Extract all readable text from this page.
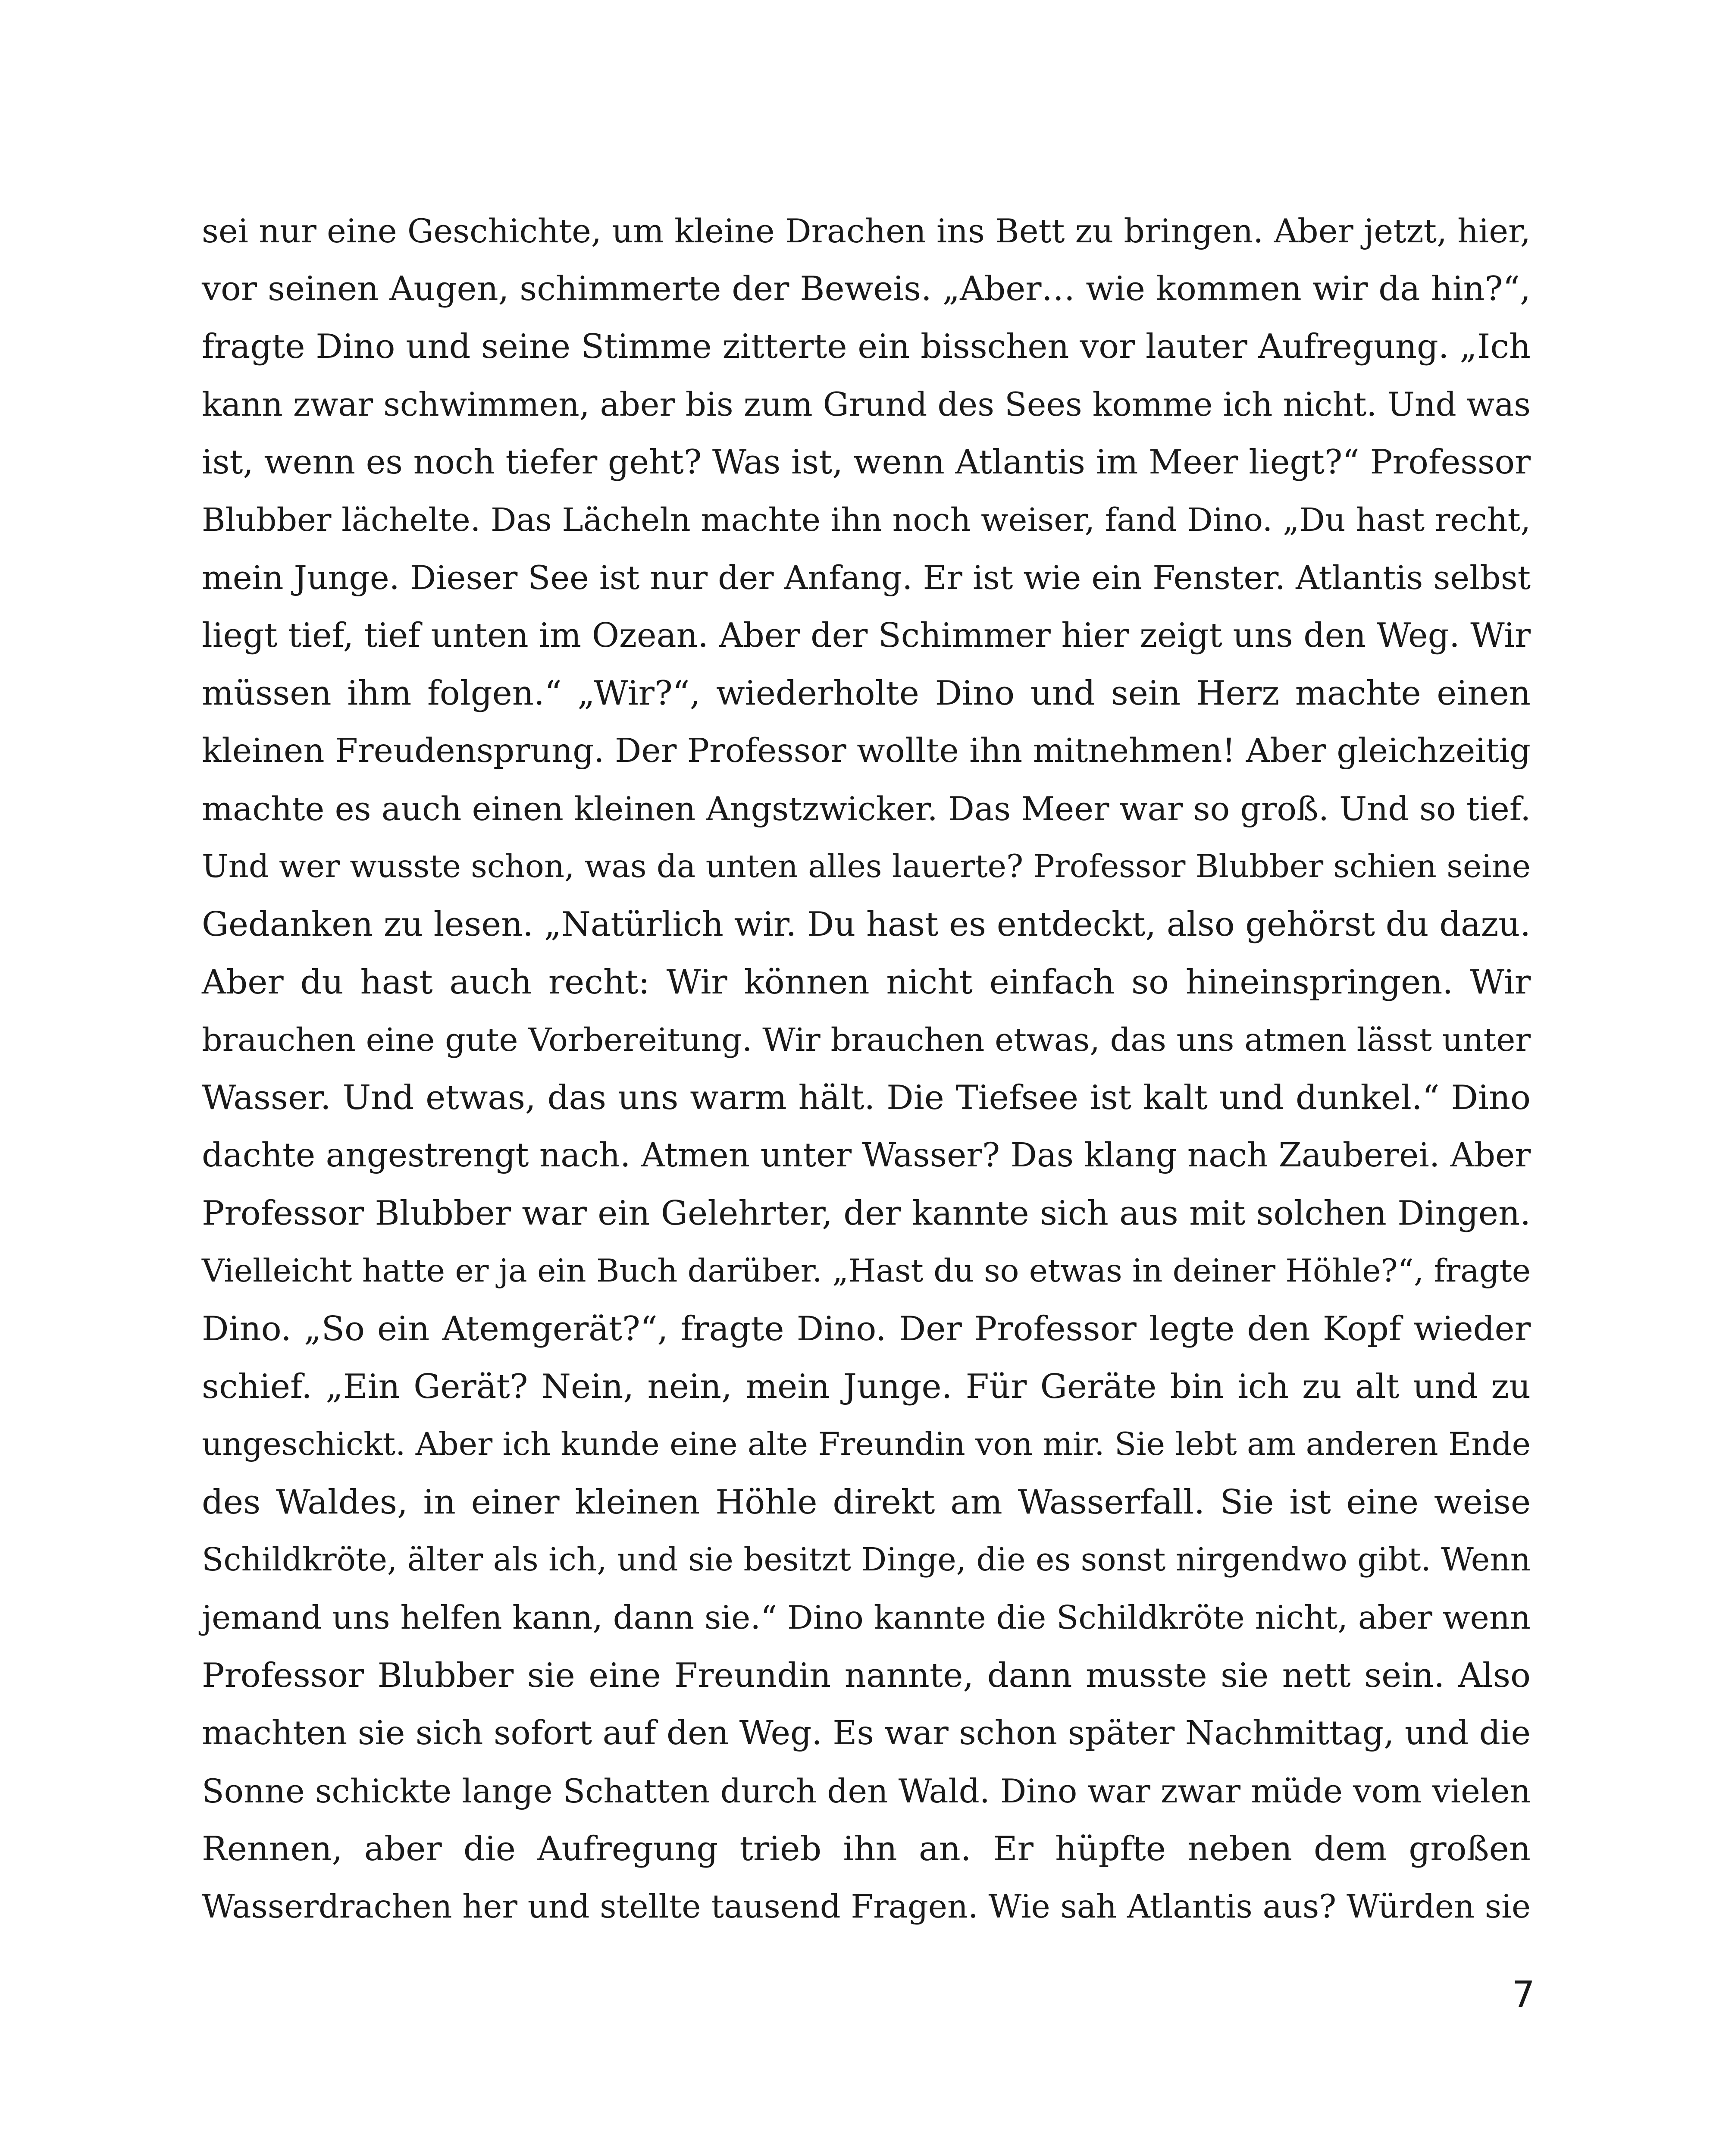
sei nur eine Geschichte, um kleine Drachen ins Bett zu bringen. Aber jetzt, hier,
vor seinen Augen, schimmerte der Beweis. „Aber… wie kommen wir da hin?“,
fragte Dino und seine Stimme zitterte ein bisschen vor lauter Aufregung. „Ich
kann zwar schwimmen, aber bis zum Grund des Sees komme ich nicht. Und was
ist, wenn es noch tiefer geht? Was ist, wenn Atlantis im Meer liegt?“ Professor
Blubber lächelte. Das Lächeln machte ihn noch weiser, fand Dino. „Du hast recht,
mein Junge. Dieser See ist nur der Anfang. Er ist wie ein Fenster. Atlantis selbst
liegt tief, tief unten im Ozean. Aber der Schimmer hier zeigt uns den Weg. Wir
müssen ihm folgen.“ „Wir?“, wiederholte Dino und sein Herz machte einen
kleinen Freudensprung. Der Professor wollte ihn mitnehmen! Aber gleichzeitig
machte es auch einen kleinen Angstzwicker. Das Meer war so groß. Und so tief.
Und wer wusste schon, was da unten alles lauerte? Professor Blubber schien seine
Gedanken zu lesen. „Natürlich wir. Du hast es entdeckt, also gehörst du dazu.
Aber du hast auch recht: Wir können nicht einfach so hineinspringen. Wir
brauchen eine gute Vorbereitung. Wir brauchen etwas, das uns atmen lässt unter
Wasser. Und etwas, das uns warm hält. Die Tiefsee ist kalt und dunkel.“ Dino
dachte angestrengt nach. Atmen unter Wasser? Das klang nach Zauberei. Aber
Professor Blubber war ein Gelehrter, der kannte sich aus mit solchen Dingen.
Vielleicht hatte er ja ein Buch darüber. „Hast du so etwas in deiner Höhle?“, fragte
Dino. „So ein Atemgerät?“, fragte Dino. Der Professor legte den Kopf wieder
schief. „Ein Gerät? Nein, nein, mein Junge. Für Geräte bin ich zu alt und zu
ungeschickt. Aber ich kunde eine alte Freundin von mir. Sie lebt am anderen Ende
des Waldes, in einer kleinen Höhle direkt am Wasserfall. Sie ist eine weise
Schildkröte, älter als ich, und sie besitzt Dinge, die es sonst nirgendwo gibt. Wenn
jemand uns helfen kann, dann sie.“ Dino kannte die Schildkröte nicht, aber wenn
Professor Blubber sie eine Freundin nannte, dann musste sie nett sein. Also
machten sie sich sofort auf den Weg. Es war schon später Nachmittag, und die
Sonne schickte lange Schatten durch den Wald. Dino war zwar müde vom vielen
Rennen, aber die Aufregung trieb ihn an. Er hüpfte neben dem großen
Wasserdrachen her und stellte tausend Fragen. Wie sah Atlantis aus? Würden sie
7
